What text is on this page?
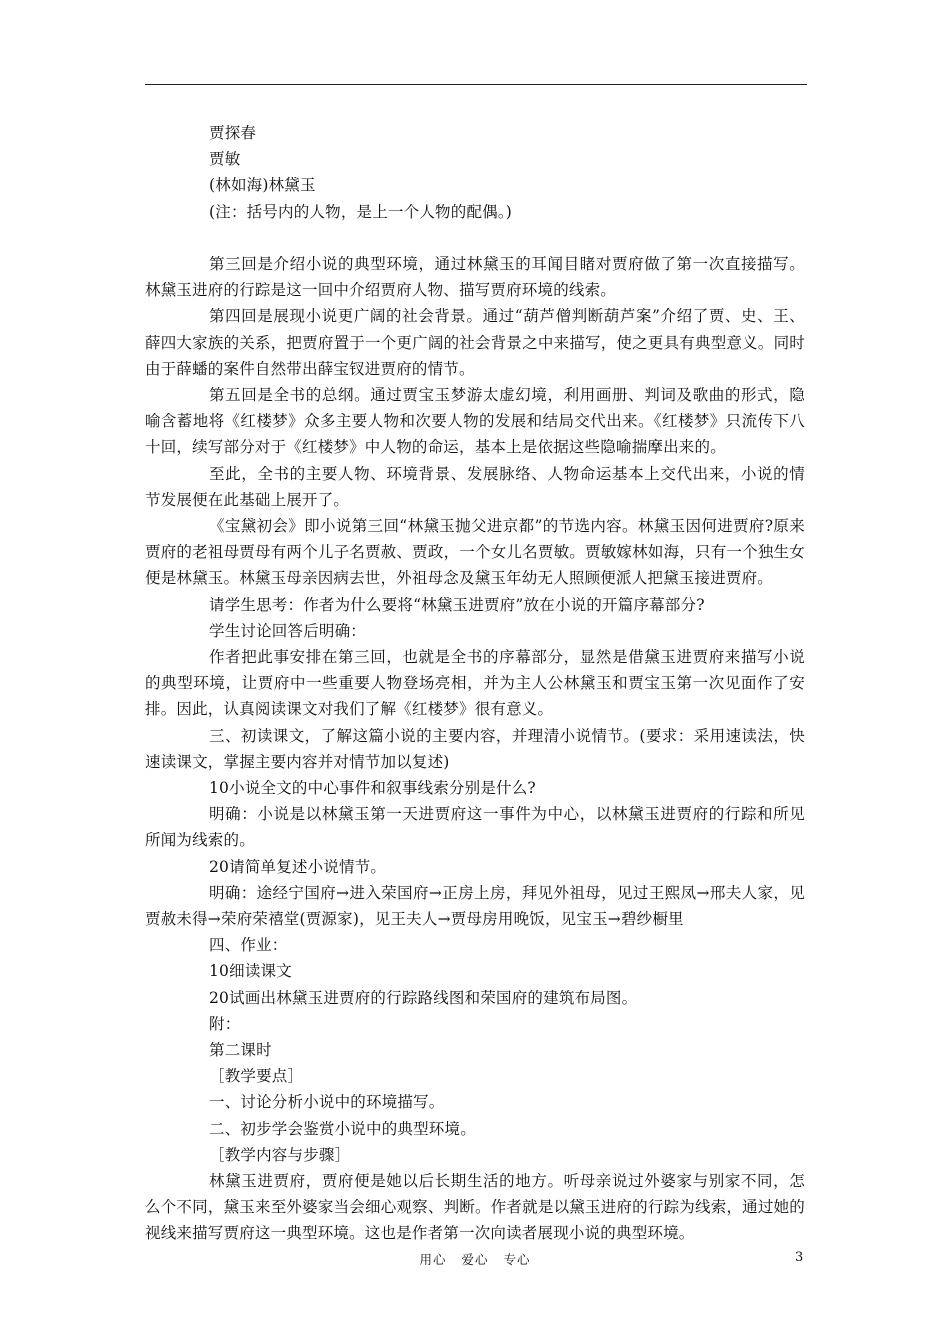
贾探春
贾敏
(林如海)林黛玉
(注：括号内的人物，是上一个人物的配偶。)
第三回是介绍小说的典型环境，通过林黛玉的耳闻目睹对贾府做了第一次直接描写。林黛玉进府的行踪是这一回中介绍贾府人物、描写贾府环境的线索。
第四回是展现小说更广阔的社会背景。通过“葫芦僧判断葫芦案”介绍了贾、史、王、薛四大家族的关系，把贾府置于一个更广阔的社会背景之中来描写，使之更具有典型意义。同时由于薛蟠的案件自然带出薛宝钗进贾府的情节。
第五回是全书的总纲。通过贾宝玉梦游太虚幻境，利用画册、判词及歌曲的形式，隐喻含蓄地将《红楼梦》众多主要人物和次要人物的发展和结局交代出来。《红楼梦》只流传下八十回，续写部分对于《红楼梦》中人物的命运，基本上是依据这些隐喻揣摩出来的。
至此，全书的主要人物、环境背景、发展脉络、人物命运基本上交代出来，小说的情节发展便在此基础上展开了。
《宝黛初会》即小说第三回“林黛玉抛父进京都”的节选内容。林黛玉因何进贾府?原来贾府的老祖母贾母有两个儿子名贾赦、贾政，一个女儿名贾敏。贾敏嫁林如海，只有一个独生女便是林黛玉。林黛玉母亲因病去世，外祖母念及黛玉年幼无人照顾便派人把黛玉接进贾府。
请学生思考：作者为什么要将“林黛玉进贾府”放在小说的开篇序幕部分?
学生讨论回答后明确：
作者把此事安排在第三回，也就是全书的序幕部分，显然是借黛玉进贾府来描写小说的典型环境，让贾府中一些重要人物登场亮相，并为主人公林黛玉和贾宝玉第一次见面作了安排。因此，认真阅读课文对我们了解《红楼梦》很有意义。
三、初读课文，了解这篇小说的主要内容，并理清小说情节。(要求：采用速读法，快速读课文，掌握主要内容并对情节加以复述)
10小说全文的中心事件和叙事线索分别是什么?
明确：小说是以林黛玉第一天进贾府这一事件为中心，以林黛玉进贾府的行踪和所见所闻为线索的。
20请简单复述小说情节。
明确：途经宁国府→进入荣国府→正房上房，拜见外祖母，见过王熙凤→邢夫人家，见贾赦未得→荣府荣禧堂(贾源家)，见王夫人→贾母房用晚饭，见宝玉→碧纱橱里
四、作业：
10细读课文
20试画出林黛玉进贾府的行踪路线图和荣国府的建筑布局图。
附：
第二课时
［教学要点］
一、讨论分析小说中的环境描写。
二、初步学会鉴赏小说中的典型环境。
［教学内容与步骤］
林黛玉进贾府，贾府便是她以后长期生活的地方。听母亲说过外婆家与别家不同，怎么个不同，黛玉来至外婆家当会细心观察、判断。作者就是以黛玉进府的行踪为线索，通过她的视线来描写贾府这一典型环境。这也是作者第一次向读者展现小说的典型环境。
用心 爱心 专心	3
